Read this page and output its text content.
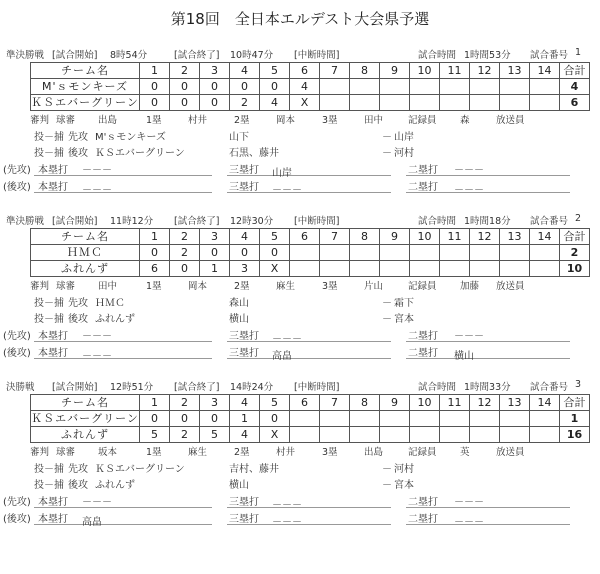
第18回　全日本エルデスト大会県予選
準決勝戦 [試合開始] 8時54分	[試合終了] 10時47分 [中断時間]	試合時間 1時間53分 試合番号 1
チーム名	1	2	3	4	5	6	7	8	9	10	11	12	13	14	合計
M'ｓモンキーズ	0	0	0	0	0	4									4
ＫＳエバーグリーン	0	0	0	2	4	X									6
審判 球審 出島	1塁	村井	2塁	岡本	3塁	田中	記録員 森	放送員
投－捕 先攻 M'ｓモンキーズ	山下	－ 山岸
投－捕 後攻 ＫＳエバーグリーン	石黒、藤井	－ 河村
(先攻) 本塁打 －－－	三塁打 山岸	二塁打 －－－
(後攻) 本塁打 －－－	三塁打 －－－	二塁打 －－－
準決勝戦 [試合開始] 11時12分 [試合終了] 12時30分 [中断時間]	試合時間 1時間18分 試合番号 2
チーム名	1	2	3	4	5	6	7	8	9	10	11	12	13	14	合計
ＨＭＣ	0	2	0	0	0										2
ふれんず	6	0	1	3	X										10
審判 球審 田中	1塁	岡本	2塁	麻生	3塁	片山	記録員 加藤 放送員
投－捕 先攻 ＨＭＣ	森山	－ 霜下
投－捕 後攻 ふれんず	横山	－ 宮本
(先攻) 本塁打 －－－	三塁打 －－－	二塁打 －－－
(後攻) 本塁打 －－－	三塁打 高畠	二塁打 横山
決勝戦 [試合開始] 12時51分 [試合終了] 14時24分 [中断時間]	試合時間 1時間33分 試合番号 3
チーム名	1	2	3	4	5	6	7	8	9	10	11	12	13	14	合計
ＫＳエバーグリーン	0	0	0	1	0										1
ふれんず	5	2	5	4	X										16
審判 球審 坂本	1塁	麻生	2塁	村井	3塁	出島	記録員 英	放送員
投－捕 先攻 ＫＳエバーグリーン	吉村、藤井	－ 河村
投－捕 後攻 ふれんず	横山	－ 宮本
(先攻) 本塁打 －－－	三塁打 －－－	二塁打 －－－
(後攻) 本塁打 高畠	三塁打 －－－	二塁打 －－－
